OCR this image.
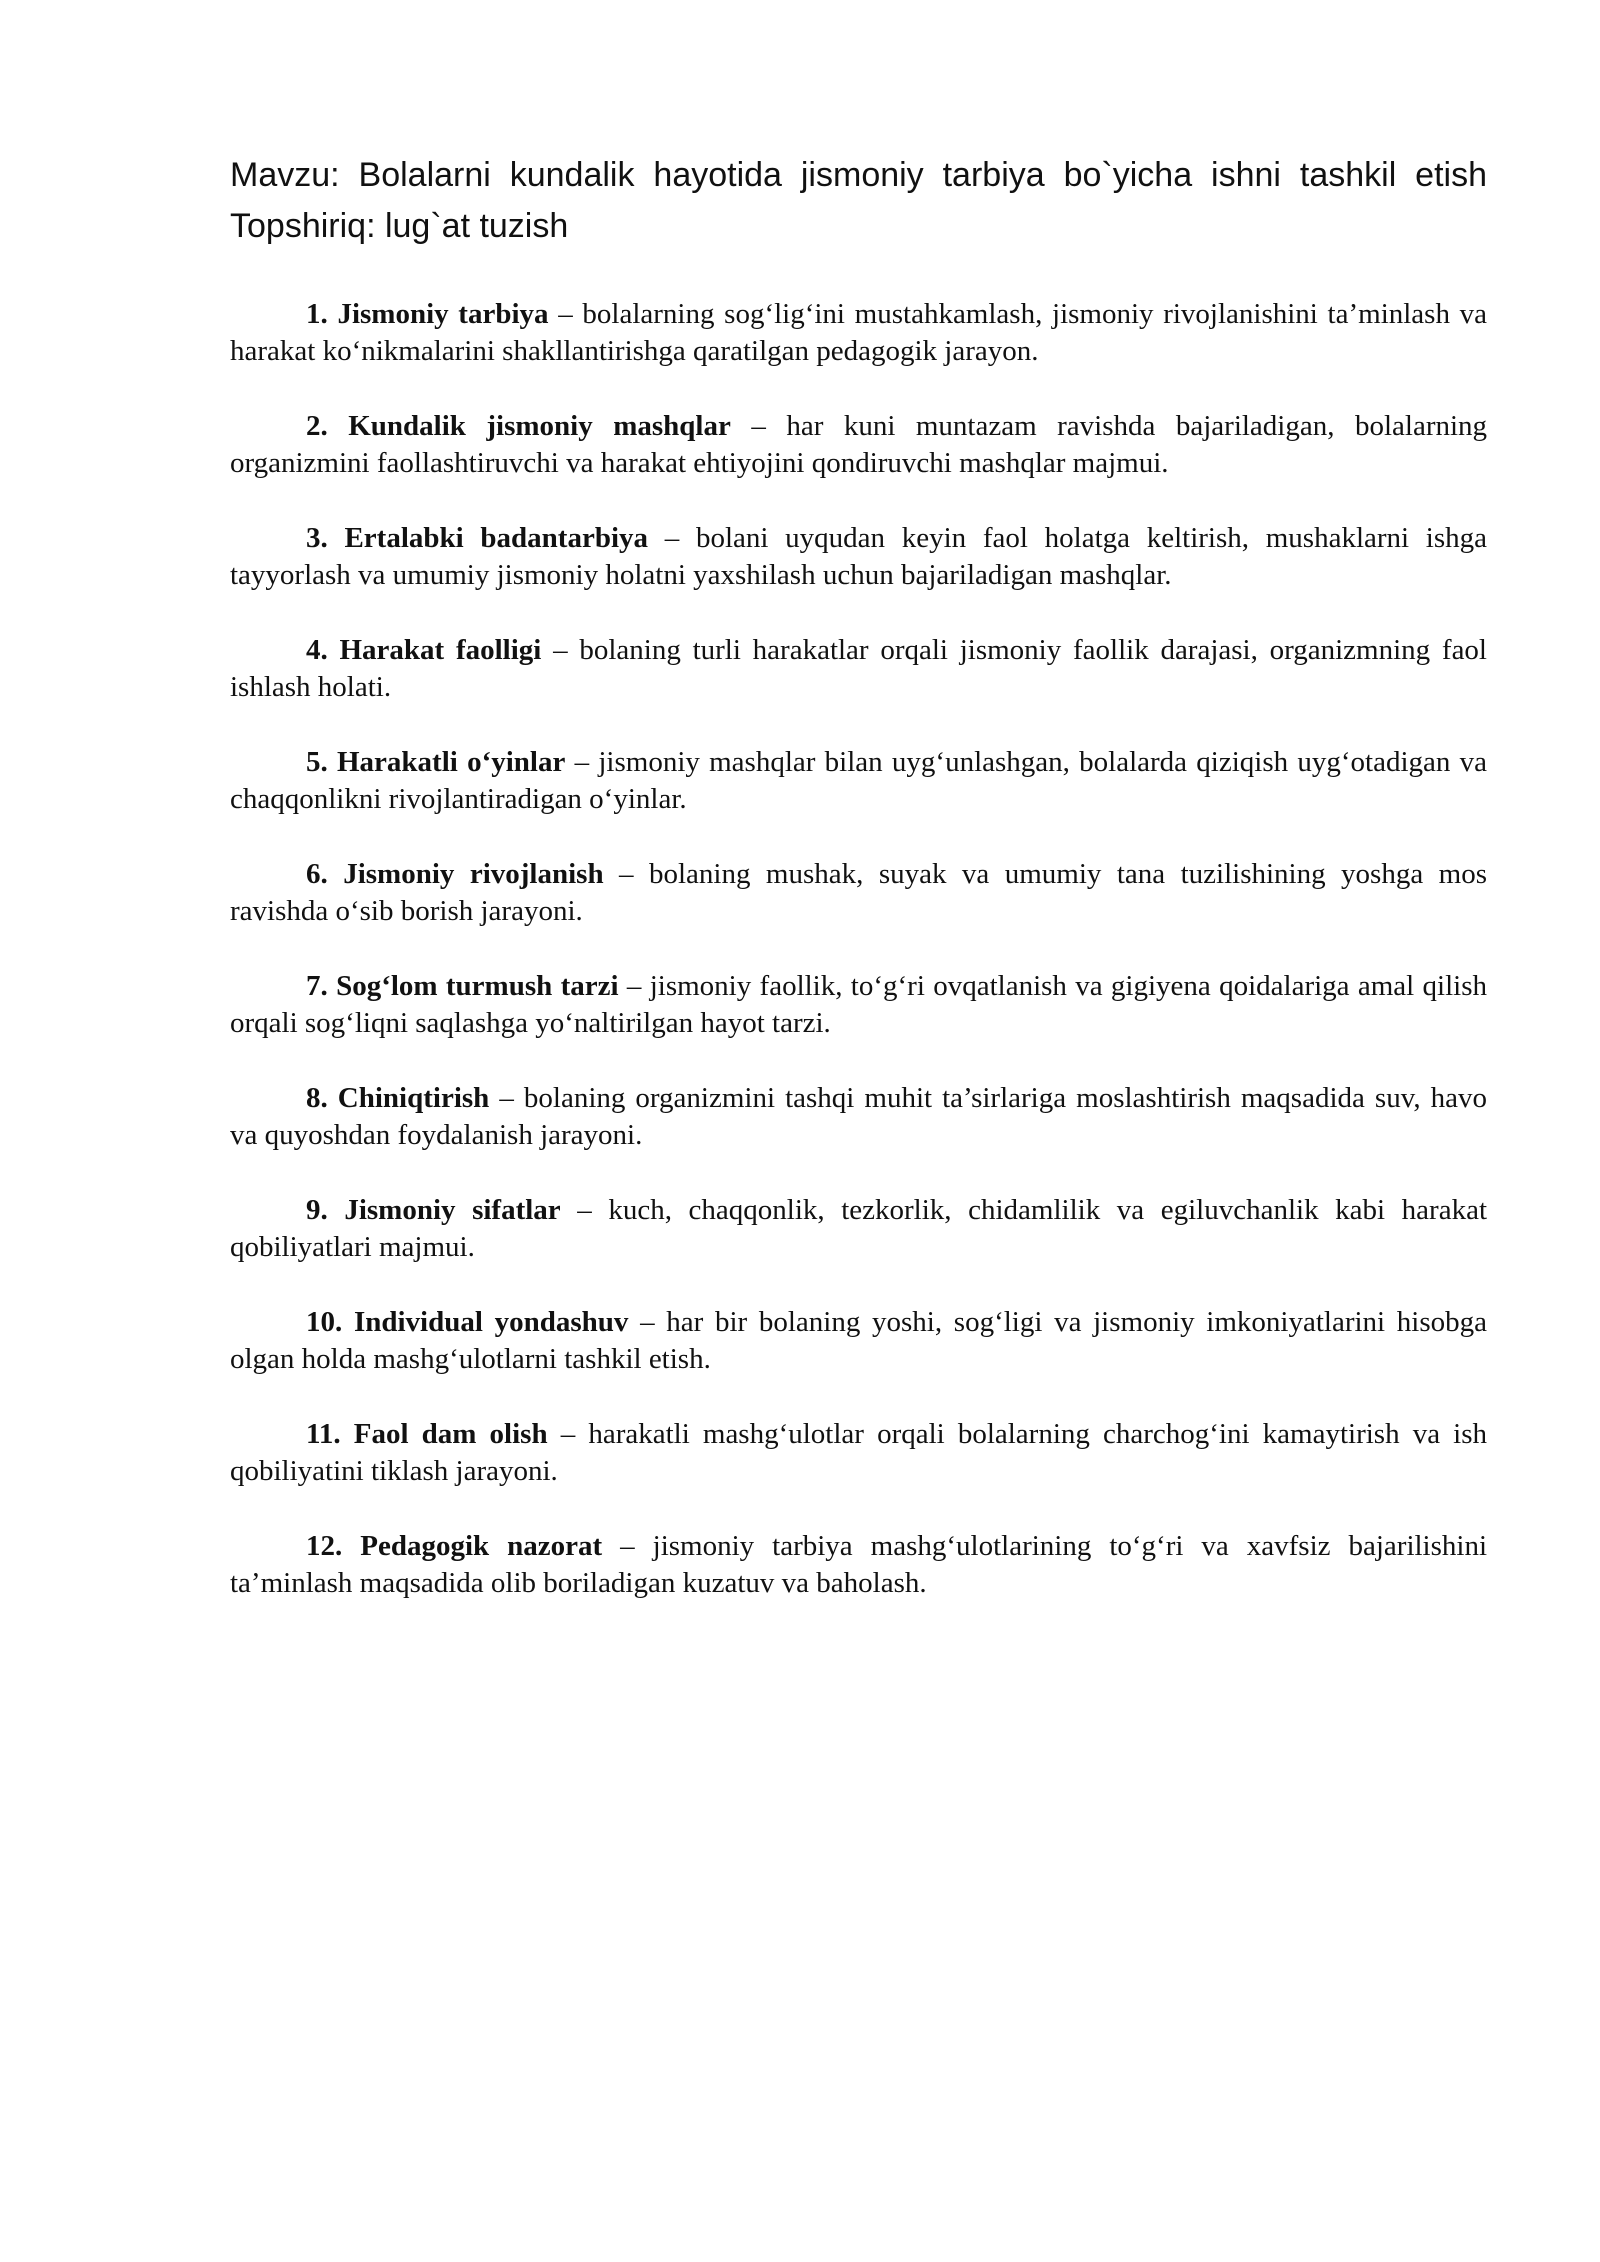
Mavzu: Bolalarni kundalik hayotida jismoniy tarbiya bo`yicha ishni tashkil etish

Topshiriq: lug`at tuzish

1. Jismoniy tarbiya – bolalarning sog‘lig‘ini mustahkamlash, jismoniy rivojlanishini ta’minlash va harakat ko‘nikmalarini shakllantirishga qaratilgan pedagogik jarayon.

2. Kundalik jismoniy mashqlar – har kuni muntazam ravishda bajariladigan, bolalarning organizmini faollashtiruvchi va harakat ehtiyojini qondiruvchi mashqlar majmui.

3. Ertalabki badantarbiya – bolani uyqudan keyin faol holatga keltirish, mushaklarni ishga tayyorlash va umumiy jismoniy holatni yaxshilash uchun bajariladigan mashqlar.

4. Harakat faolligi – bolaning turli harakatlar orqali jismoniy faollik darajasi, organizmning faol ishlash holati.

5. Harakatli o‘yinlar – jismoniy mashqlar bilan uyg‘unlashgan, bolalarda qiziqish uyg‘otadigan va chaqqonlikni rivojlantiradigan o‘yinlar.

6. Jismoniy rivojlanish – bolaning mushak, suyak va umumiy tana tuzilishining yoshga mos ravishda o‘sib borish jarayoni.

7. Sog‘lom turmush tarzi – jismoniy faollik, to‘g‘ri ovqatlanish va gigiyena qoidalariga amal qilish orqali sog‘liqni saqlashga yo‘naltirilgan hayot tarzi.

8. Chiniqtirish – bolaning organizmini tashqi muhit ta’sirlariga moslashtirish maqsadida suv, havo va quyoshdan foydalanish jarayoni.

9. Jismoniy sifatlar – kuch, chaqqonlik, tezkorlik, chidamlilik va egiluvchanlik kabi harakat qobiliyatlari majmui.

10. Individual yondashuv – har bir bolaning yoshi, sog‘ligi va jismoniy imkoniyatlarini hisobga olgan holda mashg‘ulotlarni tashkil etish.

11. Faol dam olish – harakatli mashg‘ulotlar orqali bolalarning charchog‘ini kamaytirish va ish qobiliyatini tiklash jarayoni.

12. Pedagogik nazorat – jismoniy tarbiya mashg‘ulotlarining to‘g‘ri va xavfsiz bajarilishini ta’minlash maqsadida olib boriladigan kuzatuv va baholash.
